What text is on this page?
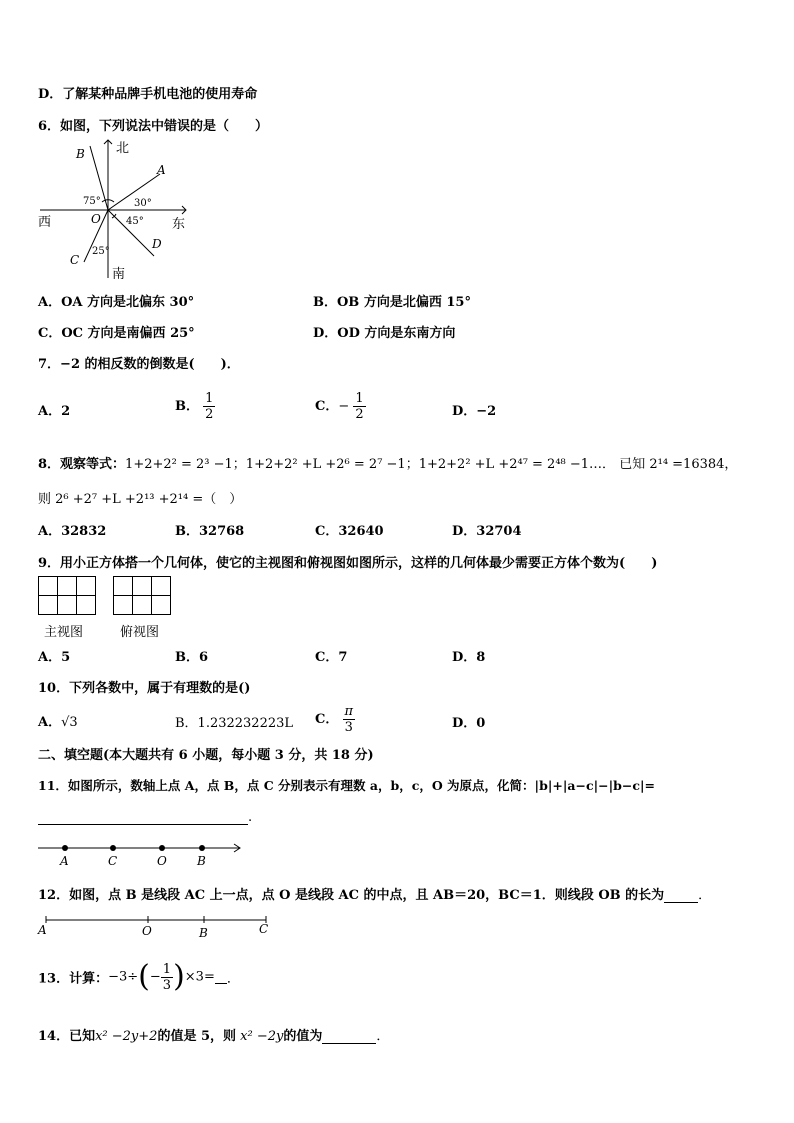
D．了解某种品牌手机电池的使用寿命
6．如图，下列说法中错误的是（　　）
北
南
东
西	O
A
B
C
D
75°	30°
45°
25°
A．OA 方向是北偏东 30°	B．OB 方向是北偏西 15°
C．OC 方向是南偏西 25°	D．OD 方向是东南方向
7．−2 的相反数的倒数是(　　)．
A．2	B． $\frac{1}{2}$	C．− $\frac{1}{2}$	D．−2
8．观察等式：1+2+2² = 2³ −1；1+2+2² +L +2⁶ = 2⁷ −1；1+2+2² +L +2⁴⁷ = 2⁴⁸ −1…． 已知 2¹⁴ =16384，
则 2⁶ +2⁷ +L +2¹³ +2¹⁴ =（　）
A．32832	B．32768	C．32640	D．32704
9．用小正方体搭一个几何体，使它的主视图和俯视图如图所示，这样的几何体最少需要正方体个数为(　　)
主视图	俯视图
A．5	B．6	C．7	D．8
10．下列各数中，属于有理数的是()
A．√3	B．1.232232223L C． $\frac{\pi}{3}$	D．0
二、填空题(本大题共有 6 小题，每小题 3 分，共 18 分)
11．如图所示，数轴上点 A，点 B，点 C 分别表示有理数 a，b，c，O 为原点，化简：|b|+|a−c|−|b−c|=
.
A	C	O	B
12．如图，点 B 是线段 AC 上一点，点 O 是线段 AC 的中点，且 AB＝20，BC＝1．则线段 OB 的长为	．
A	O	B	C
13．计算：$-3\div(- \frac{1}{3} )\times 3=$ ．
14．已知x² −2y+2的值是 5，则 x² −2y的值为	．
